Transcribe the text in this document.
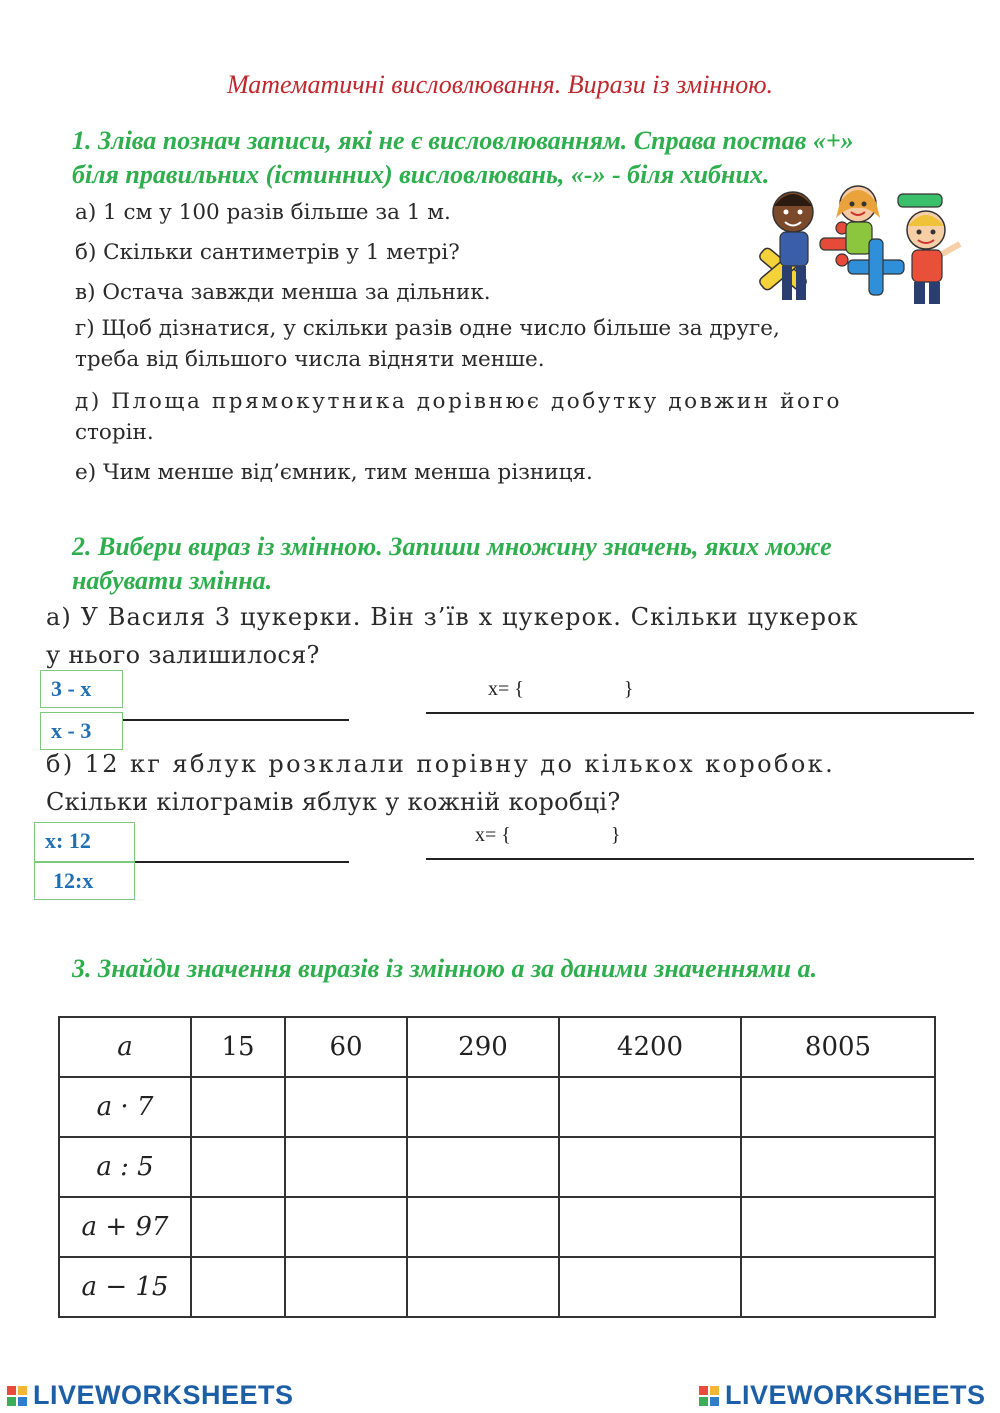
Математичні висловлювання. Вирази із змінною.
1. Зліва познач записи, які не є висловлюванням. Справа постав «+»
біля правильних (істинних) висловлювань, «-» - біля хибних.
а) 1 см у 100 разів більше за 1 м.
б) Скільки сантиметрів у 1 метрі?
в) Остача завжди менша за дільник.
г) Щоб дізнатися, у скільки разів одне число більше за друге,
треба від більшого числа відняти менше.
д) Площа прямокутника дорівнює добутку довжин його
сторін.
е) Чим менше від’ємник, тим менша різниця.
2. Вибери вираз із змінною. Запиши множину значень, яких може
набувати змінна.
а) У Василя 3 цукерки. Він з’їв x цукерок. Скільки цукерок
у нього залишилося?
3 - x
x - 3
x= {                    }
б) 12 кг яблук розклали порівну до кількох коробок.
Скільки кілограмів яблук у кожній коробці?
x: 12
12:x
x= {                    }
3. Знайди значення виразів із змінною a за даними значеннями a.
a	15	60	290	4200	8005
a · 7					
a : 5					
a + 97					
a − 15					
LIVEWORKSHEETS	LIVEWORKSHEETS
